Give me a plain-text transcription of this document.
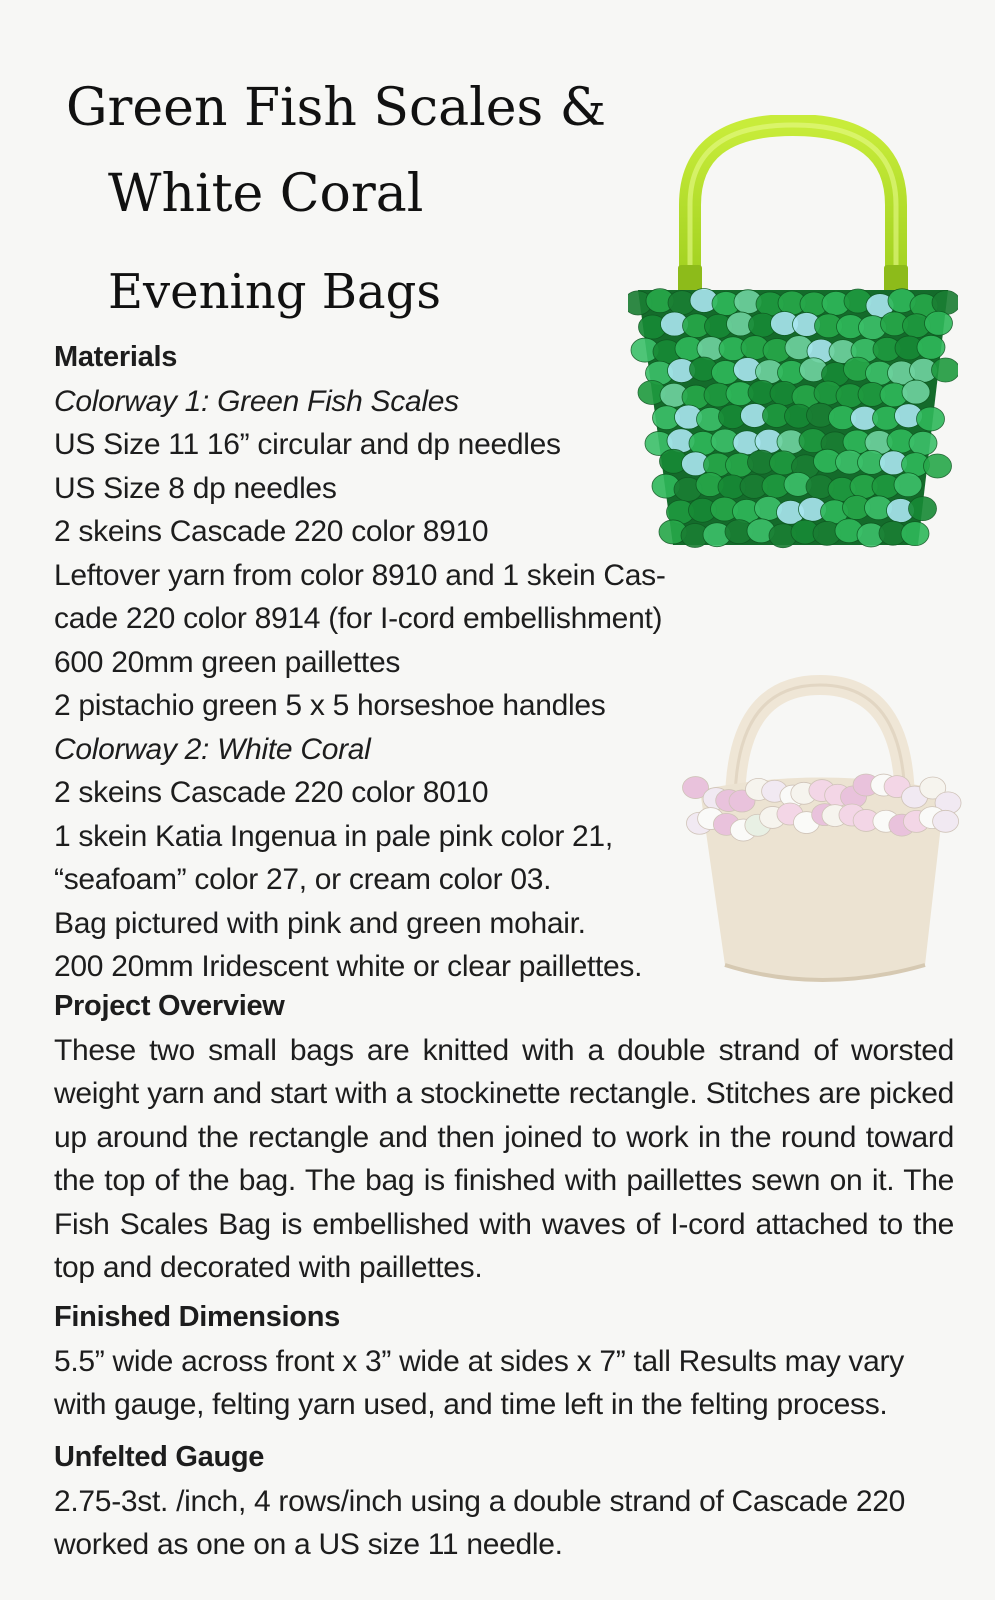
Green Fish Scales &
White Coral
Evening Bags
Materials
Colorway 1: Green Fish Scales
US Size 11 16” circular and dp needles
US Size 8 dp needles
2 skeins Cascade 220 color 8910
Leftover yarn from color 8910 and 1 skein Cas-
cade 220 color 8914 (for I-cord embellishment)
600 20mm green paillettes
2 pistachio green 5 x 5 horseshoe handles
Colorway 2: White Coral
2 skeins Cascade 220 color 8010
1 skein Katia Ingenua in pale pink color 21,
“seafoam” color 27, or cream color 03.
Bag pictured with pink and green mohair.
200 20mm Iridescent white or clear paillettes.
Project Overview
These two small bags are knitted with a double strand of worsted weight yarn and start with a stockinette rectangle. Stitches are picked up around the rectangle and then joined to work in the round toward the top of the bag. The bag is finished with paillettes sewn on it. The Fish Scales Bag is embellished with waves of I-cord attached to the top and decorated with paillettes.
Finished Dimensions
5.5” wide across front x 3” wide at sides x 7” tall Results may vary with gauge, felting yarn used, and time left in the felting process.
Unfelted Gauge
2.75-3st. /inch, 4 rows/inch using a double strand of Cascade 220 worked as one on a US size 11 needle.
